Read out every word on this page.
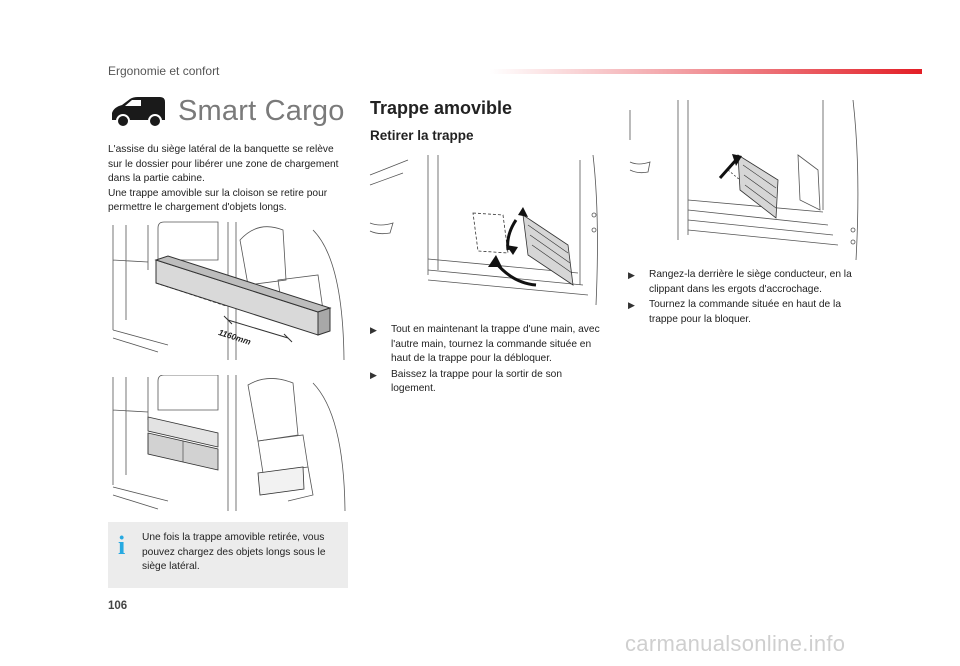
Ergonomie et confort
Smart Cargo

L'assise du siège latéral de la banquette se relève sur le dossier pour libérer une zone de chargement dans la partie cabine.

Une trappe amovible sur la cloison se retire pour permettre le chargement d'objets longs.

1160mm
i Une fois la trappe amovible retirée, vous pouvez chargez des objets longs sous le siège latéral.
Trappe amovible
Retirer la trappe
▶ Tout en maintenant la trappe d'une main, avec l'autre main, tournez la commande située en haut de la trappe pour la débloquer.
▶ Baissez la trappe pour la sortir de son logement.
▶ Rangez-la derrière le siège conducteur, en la clippant dans les ergots d'accrochage.
▶ Tournez la commande située en haut de la trappe pour la bloquer.
106
carmanualsonline.info
